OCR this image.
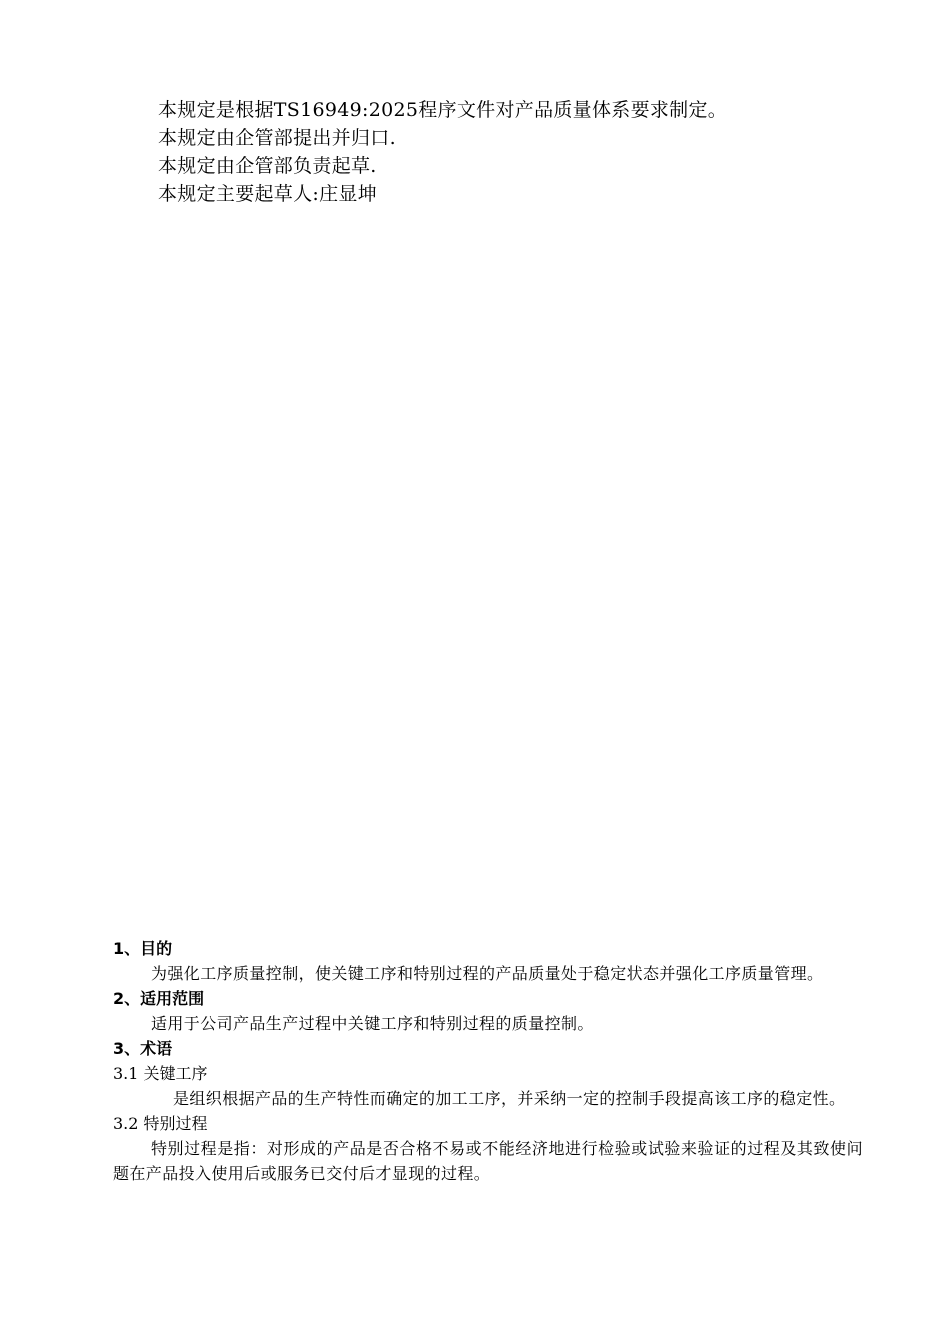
本规定是根据TS16949:2025程序文件对产品质量体系要求制定。
本规定由企管部提出并归口.
本规定由企管部负责起草.
本规定主要起草人:庄显坤
1、目的
为强化工序质量控制，使关键工序和特别过程的产品质量处于稳定状态并强化工序质量管理。
2、适用范围
适用于公司产品生产过程中关键工序和特别过程的质量控制。
3、术语
3.1 关键工序
是组织根据产品的生产特性而确定的加工工序，并采纳一定的控制手段提高该工序的稳定性。
3.2 特别过程
特别过程是指：对形成的产品是否合格不易或不能经济地进行检验或试验来验证的过程及其致使问题在产品投入使用后或服务已交付后才显现的过程。
